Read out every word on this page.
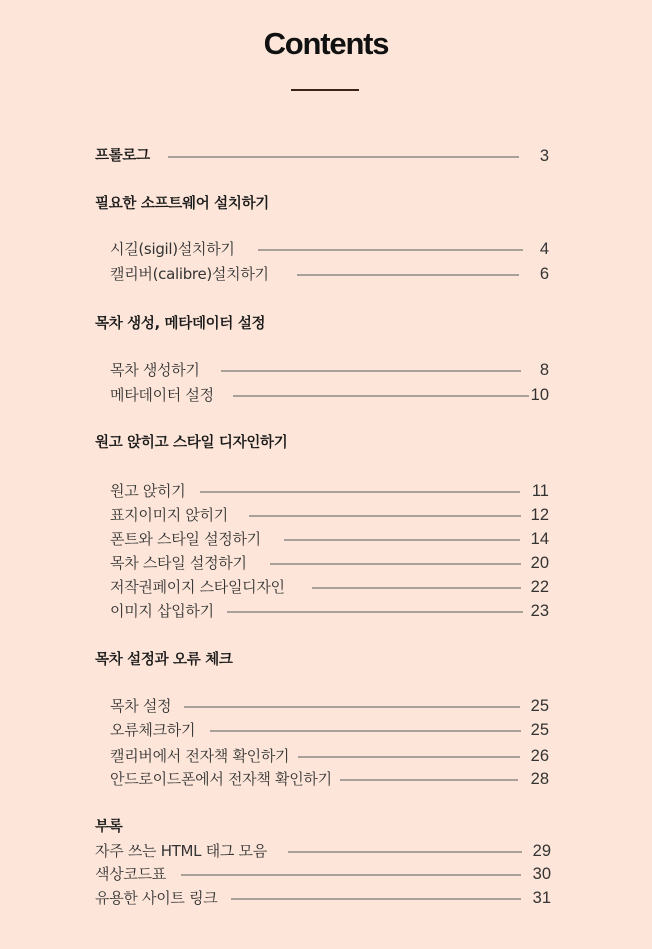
Contents
프롤로그	3
필요한 소프트웨어 설치하기
시길(sigil)설치하기	4
캘리버(calibre)설치하기	6
목차 생성, 메타데이터 설정
목차 생성하기	8
메타데이터 설정	10
원고 앉히고 스타일 디자인하기
원고 앉히기	11
표지이미지 앉히기	12
폰트와 스타일 설정하기	14
목차 스타일 설정하기	20
저작권페이지 스타일디자인	22
이미지 삽입하기	23
목차 설정과 오류 체크
목차 설정	25
오류체크하기	25
캘리버에서 전자책 확인하기	26
안드로이드폰에서 전자책 확인하기	28
부록
자주 쓰는 HTML 태그 모음	29
색상코드표	30
유용한 사이트 링크	31
